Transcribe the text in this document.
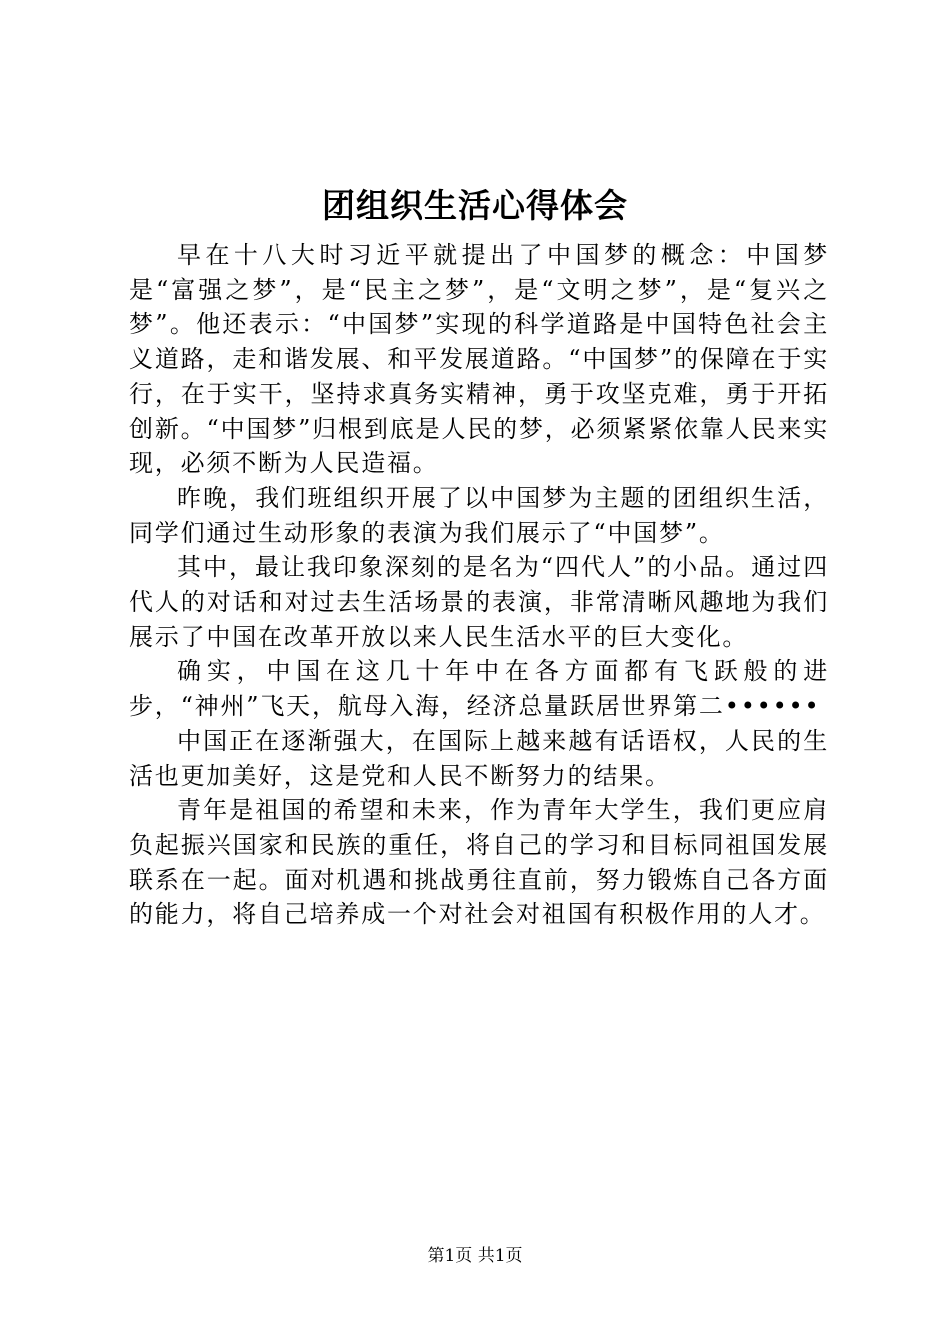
团组织生活心得体会

早在十八大时习近平就提出了中国梦的概念：中国梦是“富强之梦”，是“民主之梦”，是“文明之梦”，是“复兴之梦”。他还表示：“中国梦”实现的科学道路是中国特色社会主义道路，走和谐发展、和平发展道路。“中国梦”的保障在于实行，在于实干，坚持求真务实精神，勇于攻坚克难，勇于开拓创新。“中国梦”归根到底是人民的梦，必须紧紧依靠人民来实现，必须不断为人民造福。

昨晚，我们班组织开展了以中国梦为主题的团组织生活，同学们通过生动形象的表演为我们展示了“中国梦”。

其中，最让我印象深刻的是名为“四代人”的小品。通过四代人的对话和对过去生活场景的表演，非常清晰风趣地为我们展示了中国在改革开放以来人民生活水平的巨大变化。

确实，中国在这几十年中在各方面都有飞跃般的进步，“神州”飞天，航母入海，经济总量跃居世界第二••••••

中国正在逐渐强大，在国际上越来越有话语权，人民的生活也更加美好，这是党和人民不断努力的结果。

青年是祖国的希望和未来，作为青年大学生，我们更应肩负起振兴国家和民族的重任，将自己的学习和目标同祖国发展联系在一起。面对机遇和挑战勇往直前，努力锻炼自己各方面的能力，将自己培养成一个对社会对祖国有积极作用的人才。

第1页 共1页
